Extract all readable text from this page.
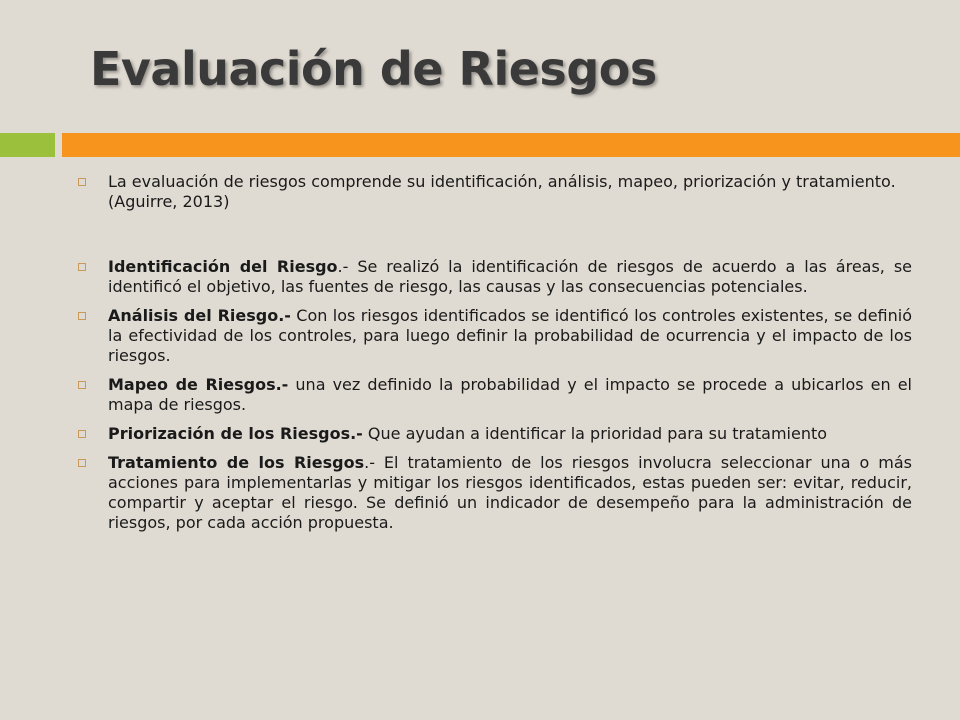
Evaluación de Riesgos
La evaluación de riesgos comprende su identificación, análisis, mapeo, priorización y tratamiento. (Aguirre, 2013)
Identificación del Riesgo.- Se realizó la identificación de riesgos de acuerdo a las áreas, se identificó el objetivo, las fuentes de riesgo, las causas y las consecuencias potenciales.
Análisis del Riesgo.- Con los riesgos identificados se identificó los controles existentes, se definió la efectividad de los controles, para luego definir la probabilidad de ocurrencia y el impacto de los riesgos.
Mapeo de Riesgos.- una vez definido la probabilidad y el impacto se procede a ubicarlos en el mapa de riesgos.
Priorización de los Riesgos.- Que ayudan a identificar la prioridad para su tratamiento
Tratamiento de los Riesgos.- El tratamiento de los riesgos involucra seleccionar una o más acciones para implementarlas y mitigar los riesgos identificados, estas pueden ser: evitar, reducir, compartir y aceptar el riesgo. Se definió un indicador de desempeño para la administración de riesgos, por cada acción propuesta.
